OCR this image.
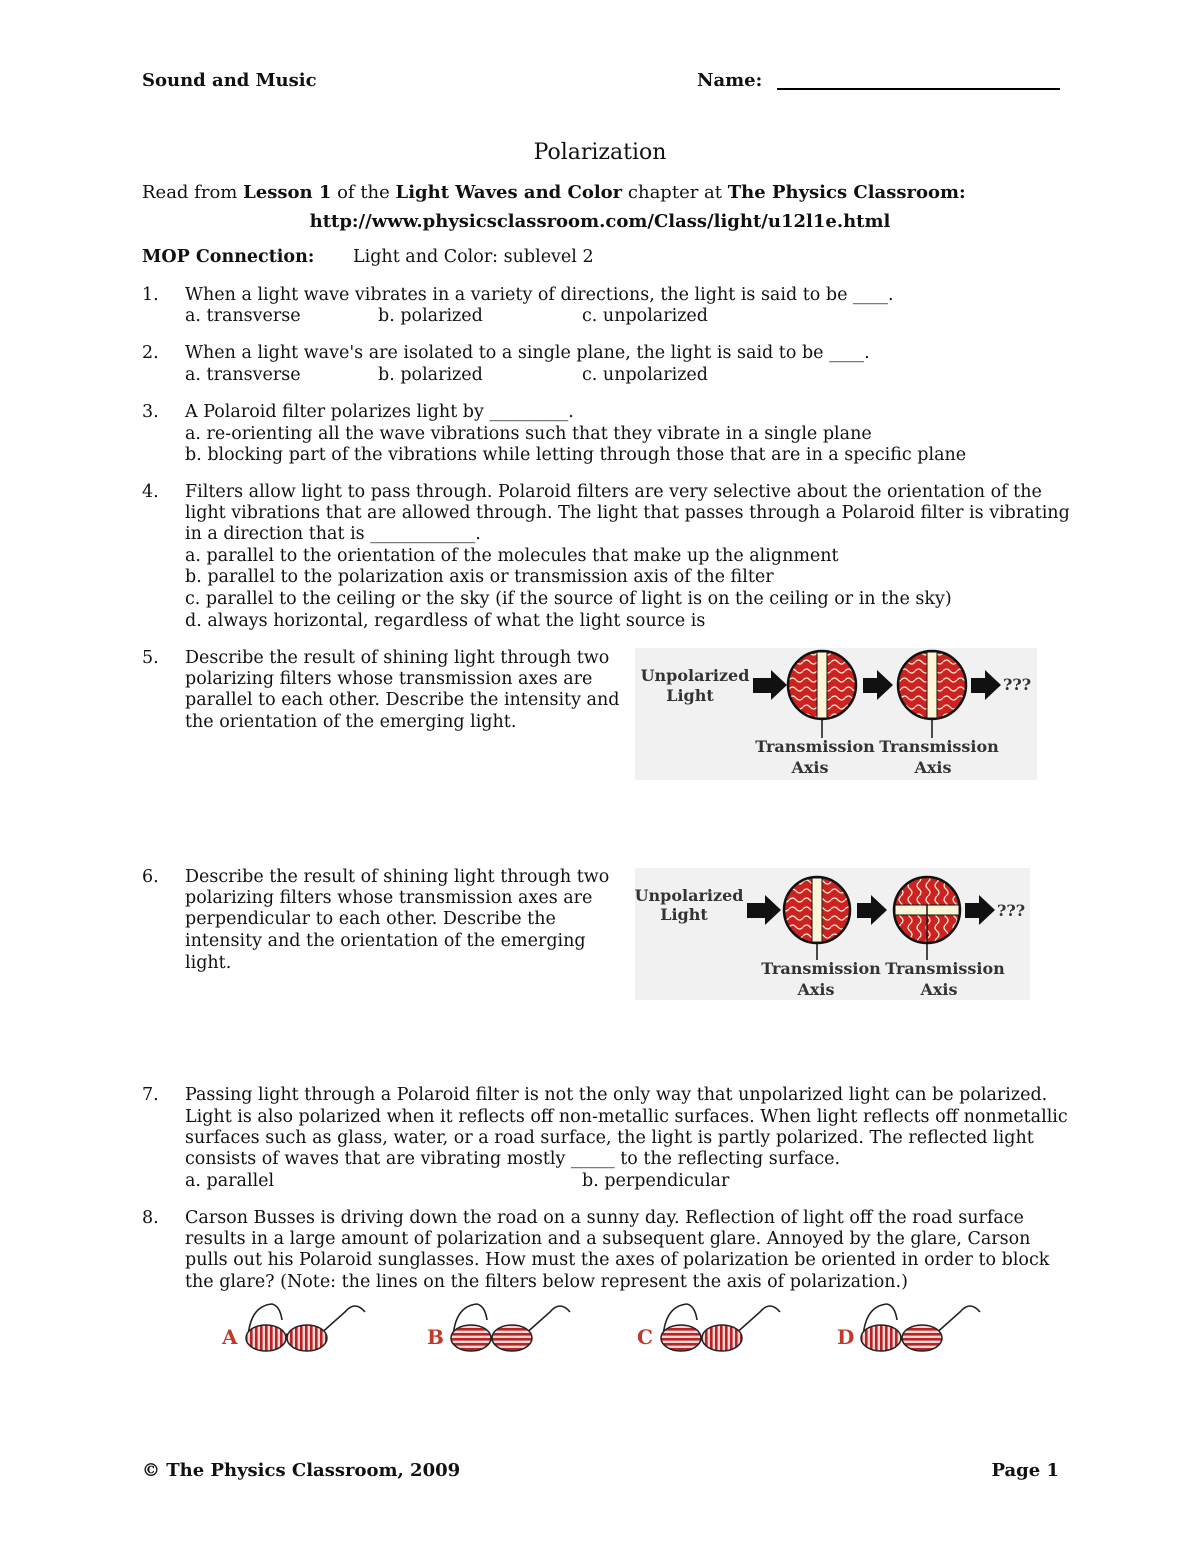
Sound and Music	Name:
Polarization
Read from Lesson 1 of the Light Waves and Color chapter at The Physics Classroom:
http://www.physicsclassroom.com/Class/light/u12l1e.html
MOP Connection: Light and Color: sublevel 2
1. When a light wave vibrates in a variety of directions, the light is said to be ____.
a. transverse	b. polarized	c. unpolarized
2. When a light wave's are isolated to a single plane, the light is said to be ____.
a. transverse	b. polarized	c. unpolarized
3. A Polaroid filter polarizes light by _________.
a. re-orienting all the wave vibrations such that they vibrate in a single plane
b. blocking part of the vibrations while letting through those that are in a specific plane
4. Filters allow light to pass through. Polaroid filters are very selective about the orientation of the
light vibrations that are allowed through. The light that passes through a Polaroid filter is vibrating
in a direction that is ____________.
a. parallel to the orientation of the molecules that make up the alignment
b. parallel to the polarization axis or transmission axis of the filter
c. parallel to the ceiling or the sky (if the source of light is on the ceiling or in the sky)
d. always horizontal, regardless of what the light source is
5. Describe the result of shining light through two
polarizing filters whose transmission axes are
parallel to each other. Describe the intensity and
the orientation of the emerging light.
Unpolarized
Light
???
Transmission
Axis
Transmission
Axis
6. Describe the result of shining light through two
polarizing filters whose transmission axes are
perpendicular to each other. Describe the
intensity and the orientation of the emerging
light.
Unpolarized
Light	???
Transmission
Axis
Transmission
Axis
7. Passing light through a Polaroid filter is not the only way that unpolarized light can be polarized.
Light is also polarized when it reflects off non-metallic surfaces. When light reflects off nonmetallic
surfaces such as glass, water, or a road surface, the light is partly polarized. The reflected light
consists of waves that are vibrating mostly _____ to the reflecting surface.
a. parallel	b. perpendicular
8. Carson Busses is driving down the road on a sunny day. Reflection of light off the road surface
results in a large amount of polarization and a subsequent glare. Annoyed by the glare, Carson
pulls out his Polaroid sunglasses. How must the axes of polarization be oriented in order to block
the glare? (Note: the lines on the filters below represent the axis of polarization.)
A	B	C	D
© The Physics Classroom, 2009	Page 1
